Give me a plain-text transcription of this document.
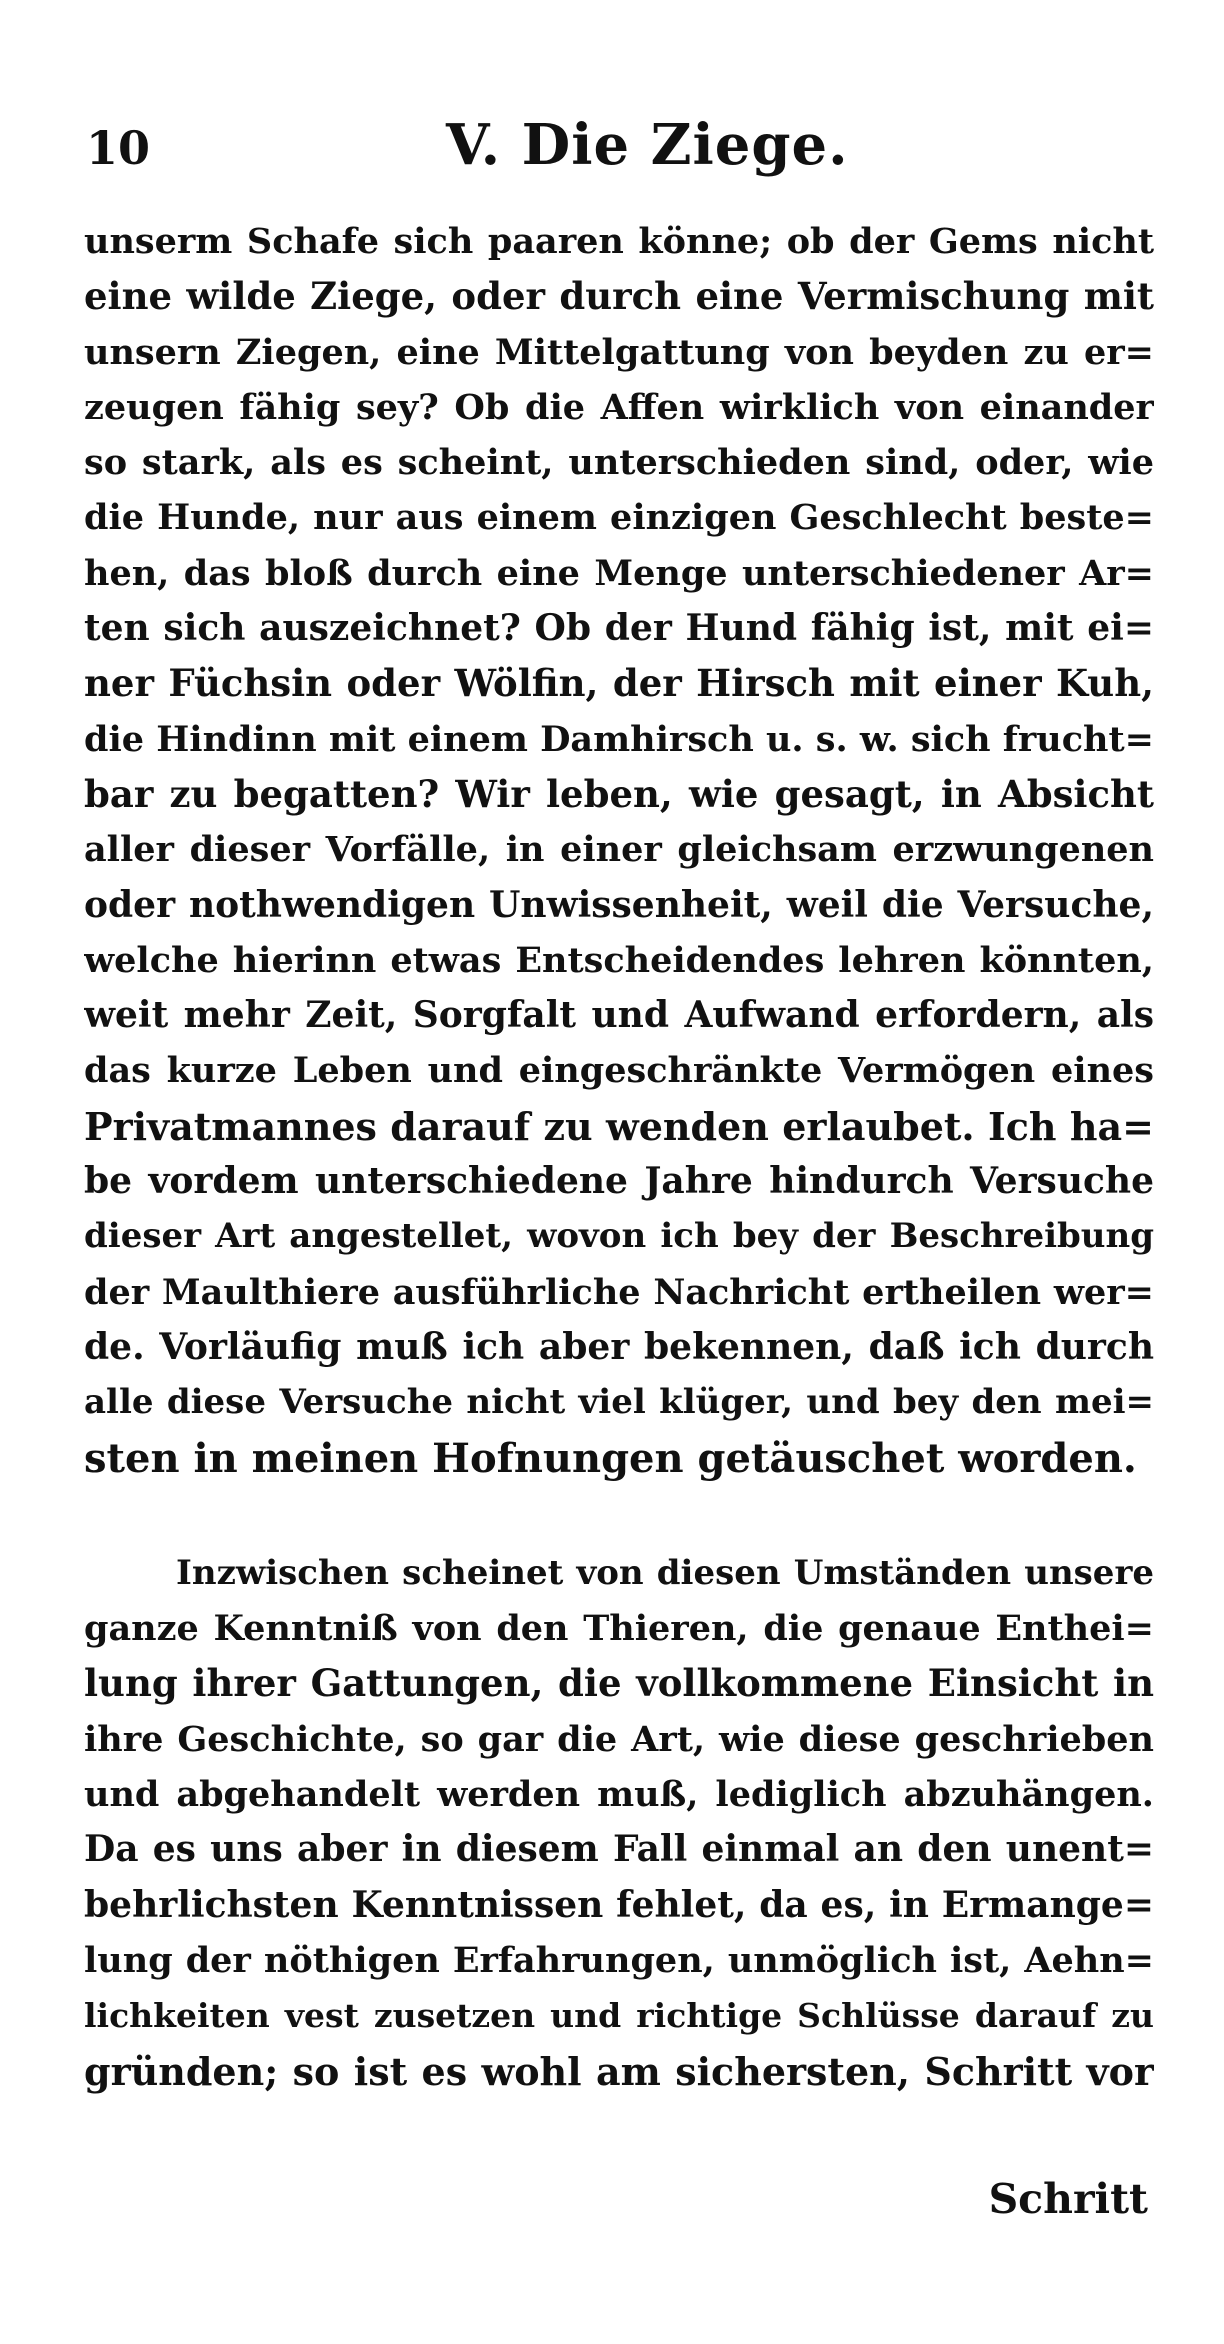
10	V. Die Ziege.
unserm Schafe sich paaren könne; ob der Gems nicht
eine wilde Ziege, oder durch eine Vermischung mit
unsern Ziegen, eine Mittelgattung von beyden zu er=
zeugen fähig sey? Ob die Affen wirklich von einander
so stark, als es scheint, unterschieden sind, oder, wie
die Hunde, nur aus einem einzigen Geschlecht beste=
hen, das bloß durch eine Menge unterschiedener Ar=
ten sich auszeichnet? Ob der Hund fähig ist, mit ei=
ner Füchsin oder Wölfin, der Hirsch mit einer Kuh,
die Hindinn mit einem Damhirsch u. s. w. sich frucht=
bar zu begatten? Wir leben, wie gesagt, in Absicht
aller dieser Vorfälle, in einer gleichsam erzwungenen
oder nothwendigen Unwissenheit, weil die Versuche,
welche hierinn etwas Entscheidendes lehren könnten,
weit mehr Zeit, Sorgfalt und Aufwand erfordern, als
das kurze Leben und eingeschränkte Vermögen eines
Privatmannes darauf zu wenden erlaubet. Ich ha=
be vordem unterschiedene Jahre hindurch Versuche
dieser Art angestellet, wovon ich bey der Beschreibung
der Maulthiere ausführliche Nachricht ertheilen wer=
de. Vorläufig muß ich aber bekennen, daß ich durch
alle diese Versuche nicht viel klüger, und bey den mei=
sten in meinen Hofnungen getäuschet worden.
Inzwischen scheinet von diesen Umständen unsere
ganze Kenntniß von den Thieren, die genaue Enthei=
lung ihrer Gattungen, die vollkommene Einsicht in
ihre Geschichte, so gar die Art, wie diese geschrieben
und abgehandelt werden muß, lediglich abzuhängen.
Da es uns aber in diesem Fall einmal an den unent=
behrlichsten Kenntnissen fehlet, da es, in Ermange=
lung der nöthigen Erfahrungen, unmöglich ist, Aehn=
lichkeiten vest zusetzen und richtige Schlüsse darauf zu
gründen; so ist es wohl am sichersten, Schritt vor
Schritt
